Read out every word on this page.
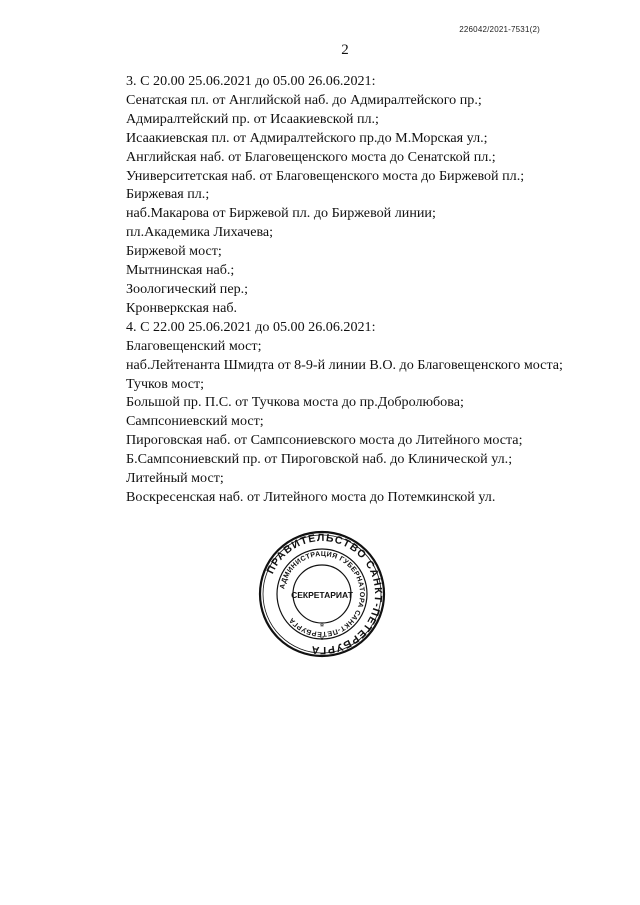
226042/2021-7531(2)
2
3. С 20.00 25.06.2021 до 05.00 26.06.2021:
Сенатская пл. от Английской наб. до Адмиралтейского пр.;
Адмиралтейский пр. от Исаакиевской пл.;
Исаакиевская пл. от Адмиралтейского пр.до М.Морская ул.;
Английская наб. от Благовещенского моста до Сенатской пл.;
Университетская наб. от Благовещенского моста до Биржевой пл.;
Биржевая пл.;
наб.Макарова от Биржевой пл. до Биржевой линии;
пл.Академика Лихачева;
Биржевой мост;
Мытнинская наб.;
Зоологический пер.;
Кронверкская наб.
4. С 22.00 25.06.2021 до 05.00 26.06.2021:
Благовещенский мост;
наб.Лейтенанта Шмидта от 8-9-й линии В.О. до Благовещенского моста;
Тучков мост;
Большой пр. П.С. от Тучкова моста до пр.Добролюбова;
Сампсониевский мост;
Пироговская наб. от Сампсониевского моста до Литейного моста;
Б.Сампсониевский пр. от Пироговской наб. до Клинической ул.;
Литейный мост;
Воскресенская наб. от Литейного моста до Потемкинской ул.
ПРАВИТЕЛЬСТВО САНКТ-ПЕТЕРБУРГА
АДМИНИСТРАЦИЯ ГУБЕРНАТОРА САНКТ-ПЕТЕРБУРГА
СЕКРЕТАРИАТ
*
*
